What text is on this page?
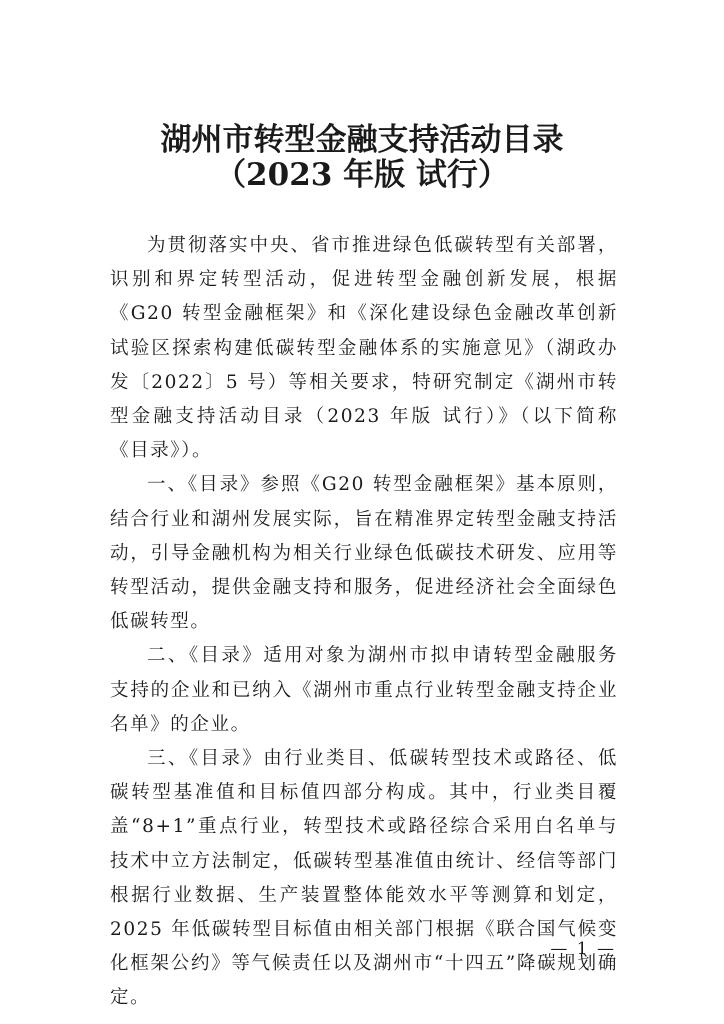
湖州市转型金融支持活动目录
（2023 年版 试行）

为贯彻落实中央、省市推进绿色低碳转型有关部署，识别和界定转型活动，促进转型金融创新发展，根据《G20 转型金融框架》和《深化建设绿色金融改革创新试验区探索构建低碳转型金融体系的实施意见》（湖政办发〔2022〕5 号）等相关要求，特研究制定《湖州市转型金融支持活动目录（2023 年版 试行）》（以下简称《目录》）。

一、《目录》参照《G20 转型金融框架》基本原则，结合行业和湖州发展实际，旨在精准界定转型金融支持活动，引导金融机构为相关行业绿色低碳技术研发、应用等转型活动，提供金融支持和服务，促进经济社会全面绿色低碳转型。

二、《目录》适用对象为湖州市拟申请转型金融服务支持的企业和已纳入《湖州市重点行业转型金融支持企业名单》的企业。

三、《目录》由行业类目、低碳转型技术或路径、低碳转型基准值和目标值四部分构成。其中，行业类目覆盖“8+1”重点行业，转型技术或路径综合采用白名单与技术中立方法制定，低碳转型基准值由统计、经信等部门根据行业数据、生产装置整体能效水平等测算和划定，2025 年低碳转型目标值由相关部门根据《联合国气候变化框架公约》等气候责任以及湖州市“十四五”降碳规划确定。

— 1 —
